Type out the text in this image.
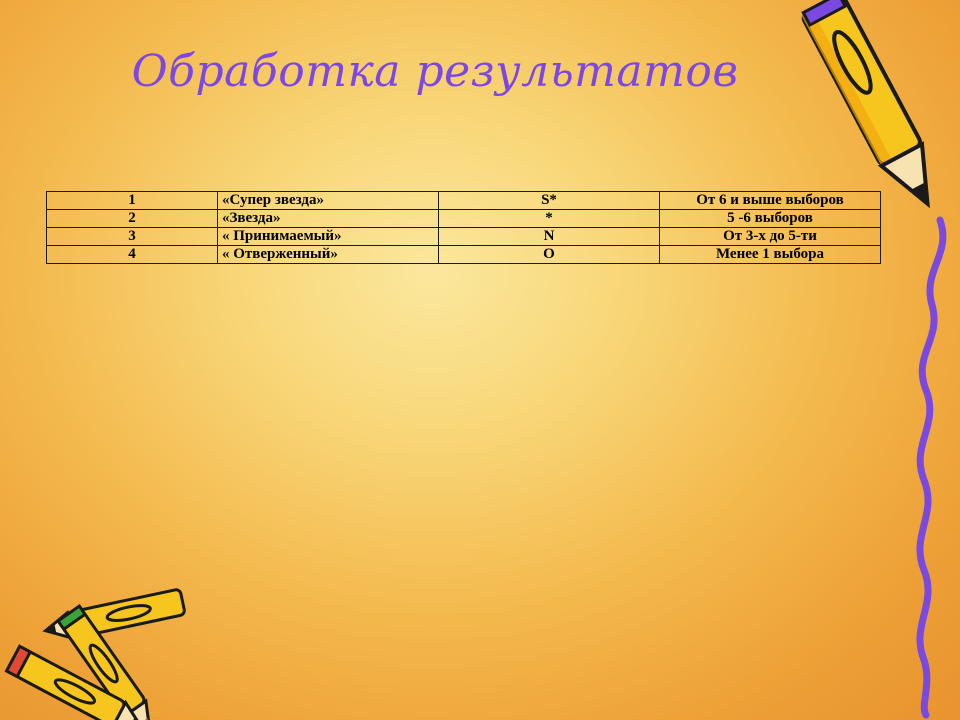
Обработка результатов
1	«Супер звезда»	S*	От 6 и выше выборов
2	«Звезда»	*	5 -6 выборов
3	« Принимаемый»	N	От 3-х до 5-ти
4	« Отверженный»	O	Менее 1 выбора
